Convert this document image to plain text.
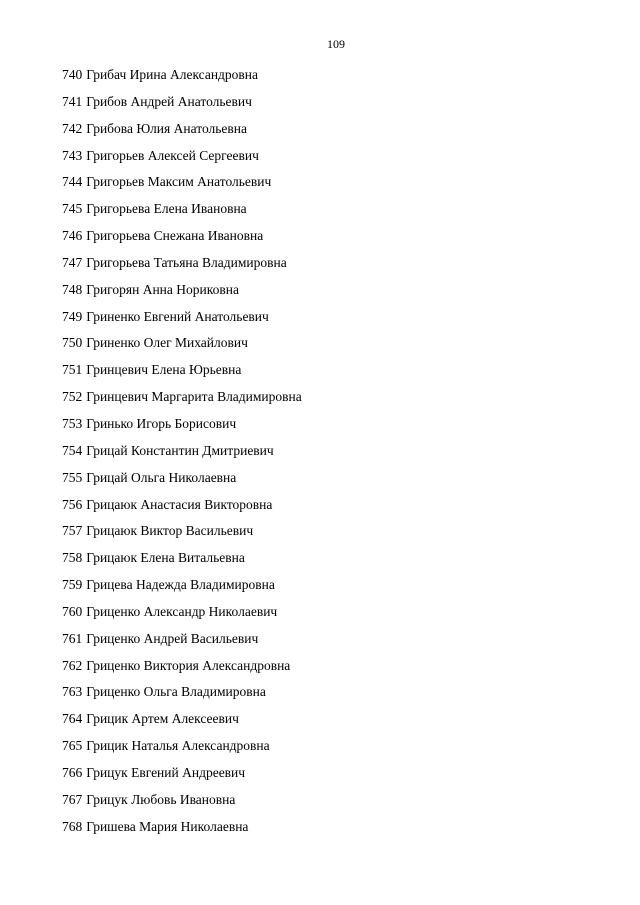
109
740 Грибач Ирина Александровна
741 Грибов Андрей Анатольевич
742 Грибова Юлия Анатольевна
743 Григорьев Алексей Сергеевич
744 Григорьев Максим Анатольевич
745 Григорьева Елена Ивановна
746 Григорьева Снежана Ивановна
747 Григорьева Татьяна Владимировна
748 Григорян Анна Нориковна
749 Гриненко Евгений Анатольевич
750 Гриненко Олег Михайлович
751 Гринцевич Елена Юрьевна
752 Гринцевич Маргарита Владимировна
753 Гринько Игорь Борисович
754 Грицай Константин Дмитриевич
755 Грицай Ольга Николаевна
756 Грицаюк Анастасия Викторовна
757 Грицаюк Виктор Васильевич
758 Грицаюк Елена Витальевна
759 Грицева Надежда Владимировна
760 Гриценко Александр Николаевич
761 Гриценко Андрей Васильевич
762 Гриценко Виктория Александровна
763 Гриценко Ольга Владимировна
764 Грицик Артем Алексеевич
765 Грицик Наталья Александровна
766 Грицук Евгений Андреевич
767 Грицук Любовь Ивановна
768 Гришева Мария Николаевна
